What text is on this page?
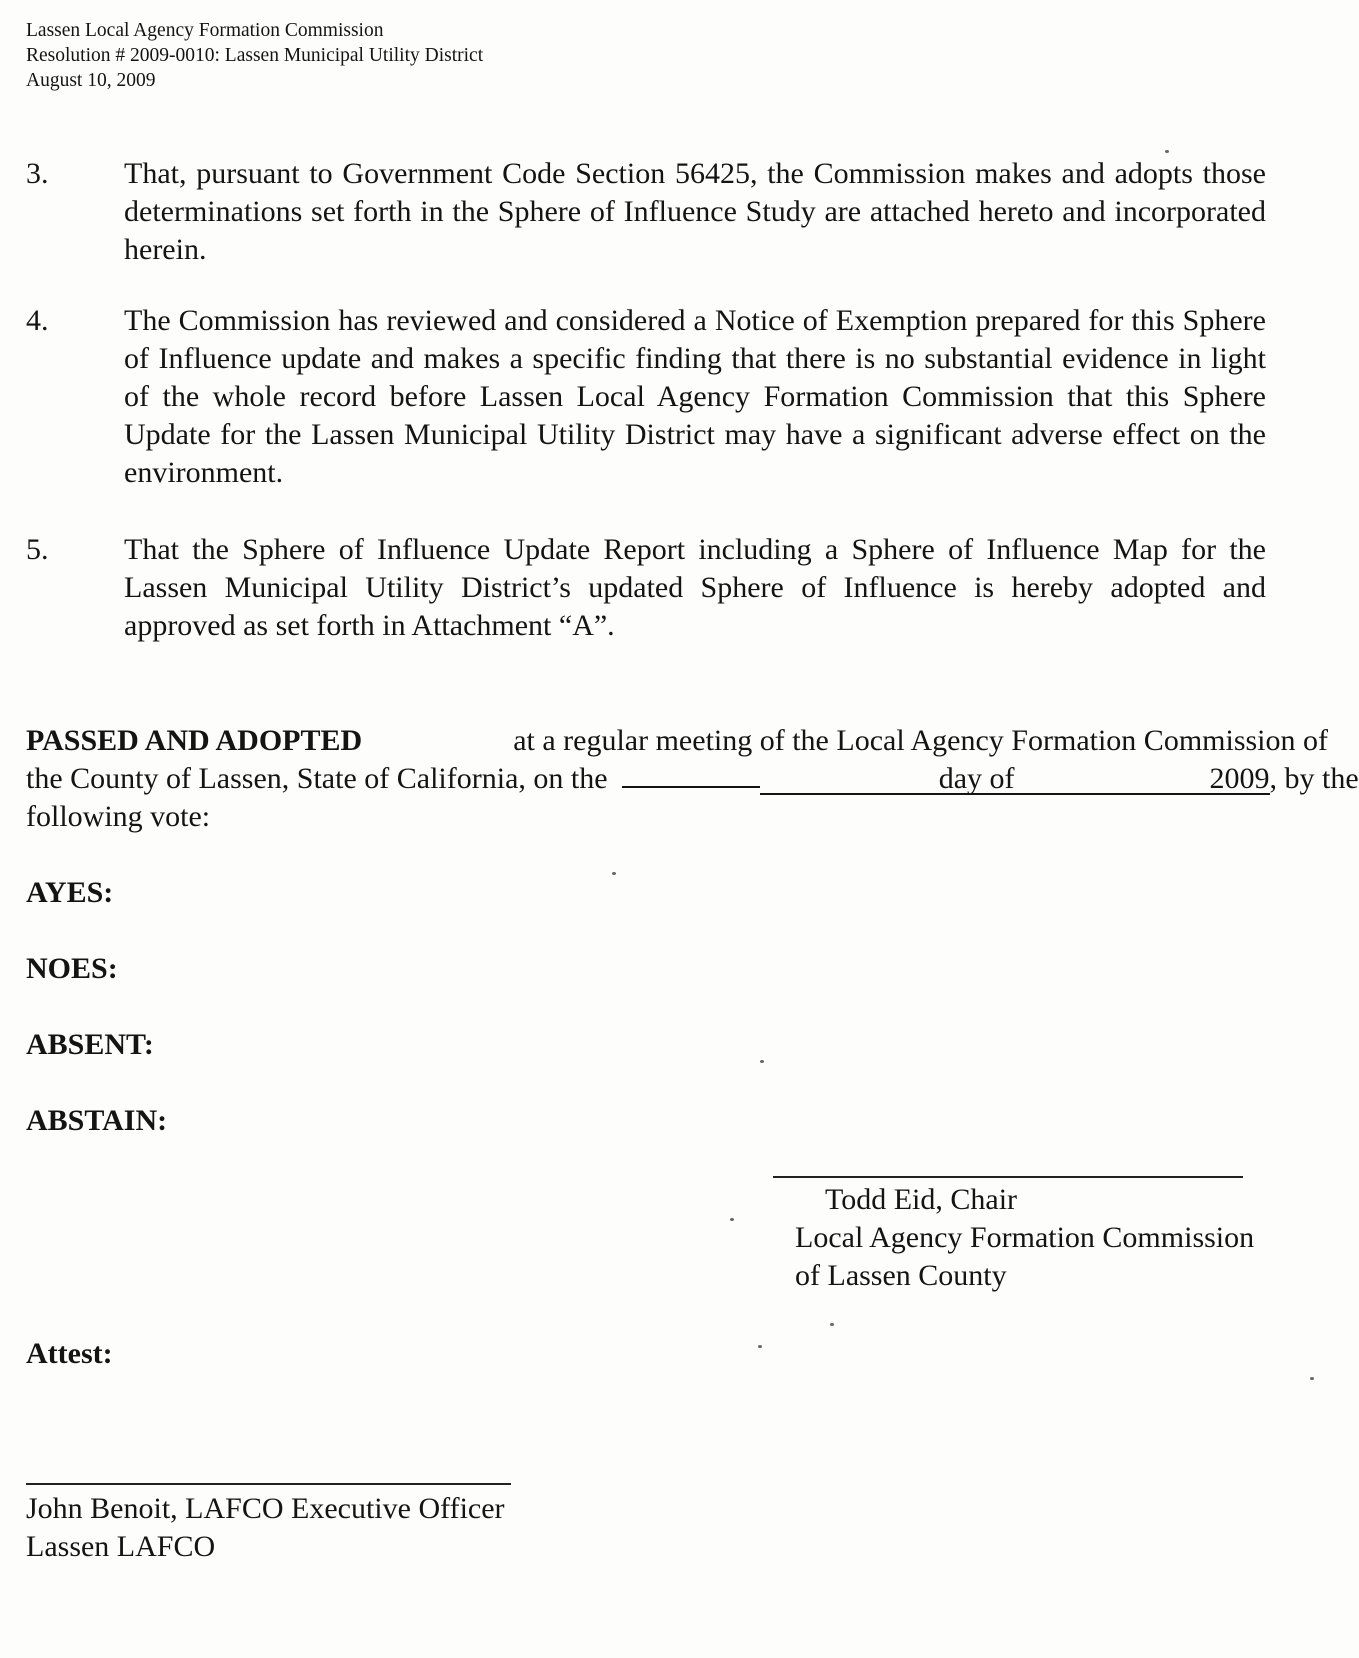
Lassen Local Agency Formation Commission
Resolution # 2009-0010: Lassen Municipal Utility District
August 10, 2009
3.	That, pursuant to Government Code Section 56425, the Commission makes and adopts those determinations set forth in the Sphere of Influence Study are attached hereto and incorporated herein.
4.	The Commission has reviewed and considered a Notice of Exemption prepared for this Sphere of Influence update and makes a specific finding that there is no substantial evidence in light of the whole record before Lassen Local Agency Formation Commission that this Sphere Update for the Lassen Municipal Utility District may have a significant adverse effect on the environment.
5.	That the Sphere of Influence Update Report including a Sphere of Influence Map for the Lassen Municipal Utility District’s updated Sphere of Influence is hereby adopted and approved as set forth in Attachment “A”.
PASSED AND ADOPTED	at a regular meeting of the Local Agency Formation Commission of
the County of Lassen, State of California, on the	day of	2009, by the
following vote:
AYES:
NOES:
ABSENT:
ABSTAIN:
Todd Eid, Chair
Local Agency Formation Commission
of Lassen County
Attest:
John Benoit, LAFCO Executive Officer
Lassen LAFCO
